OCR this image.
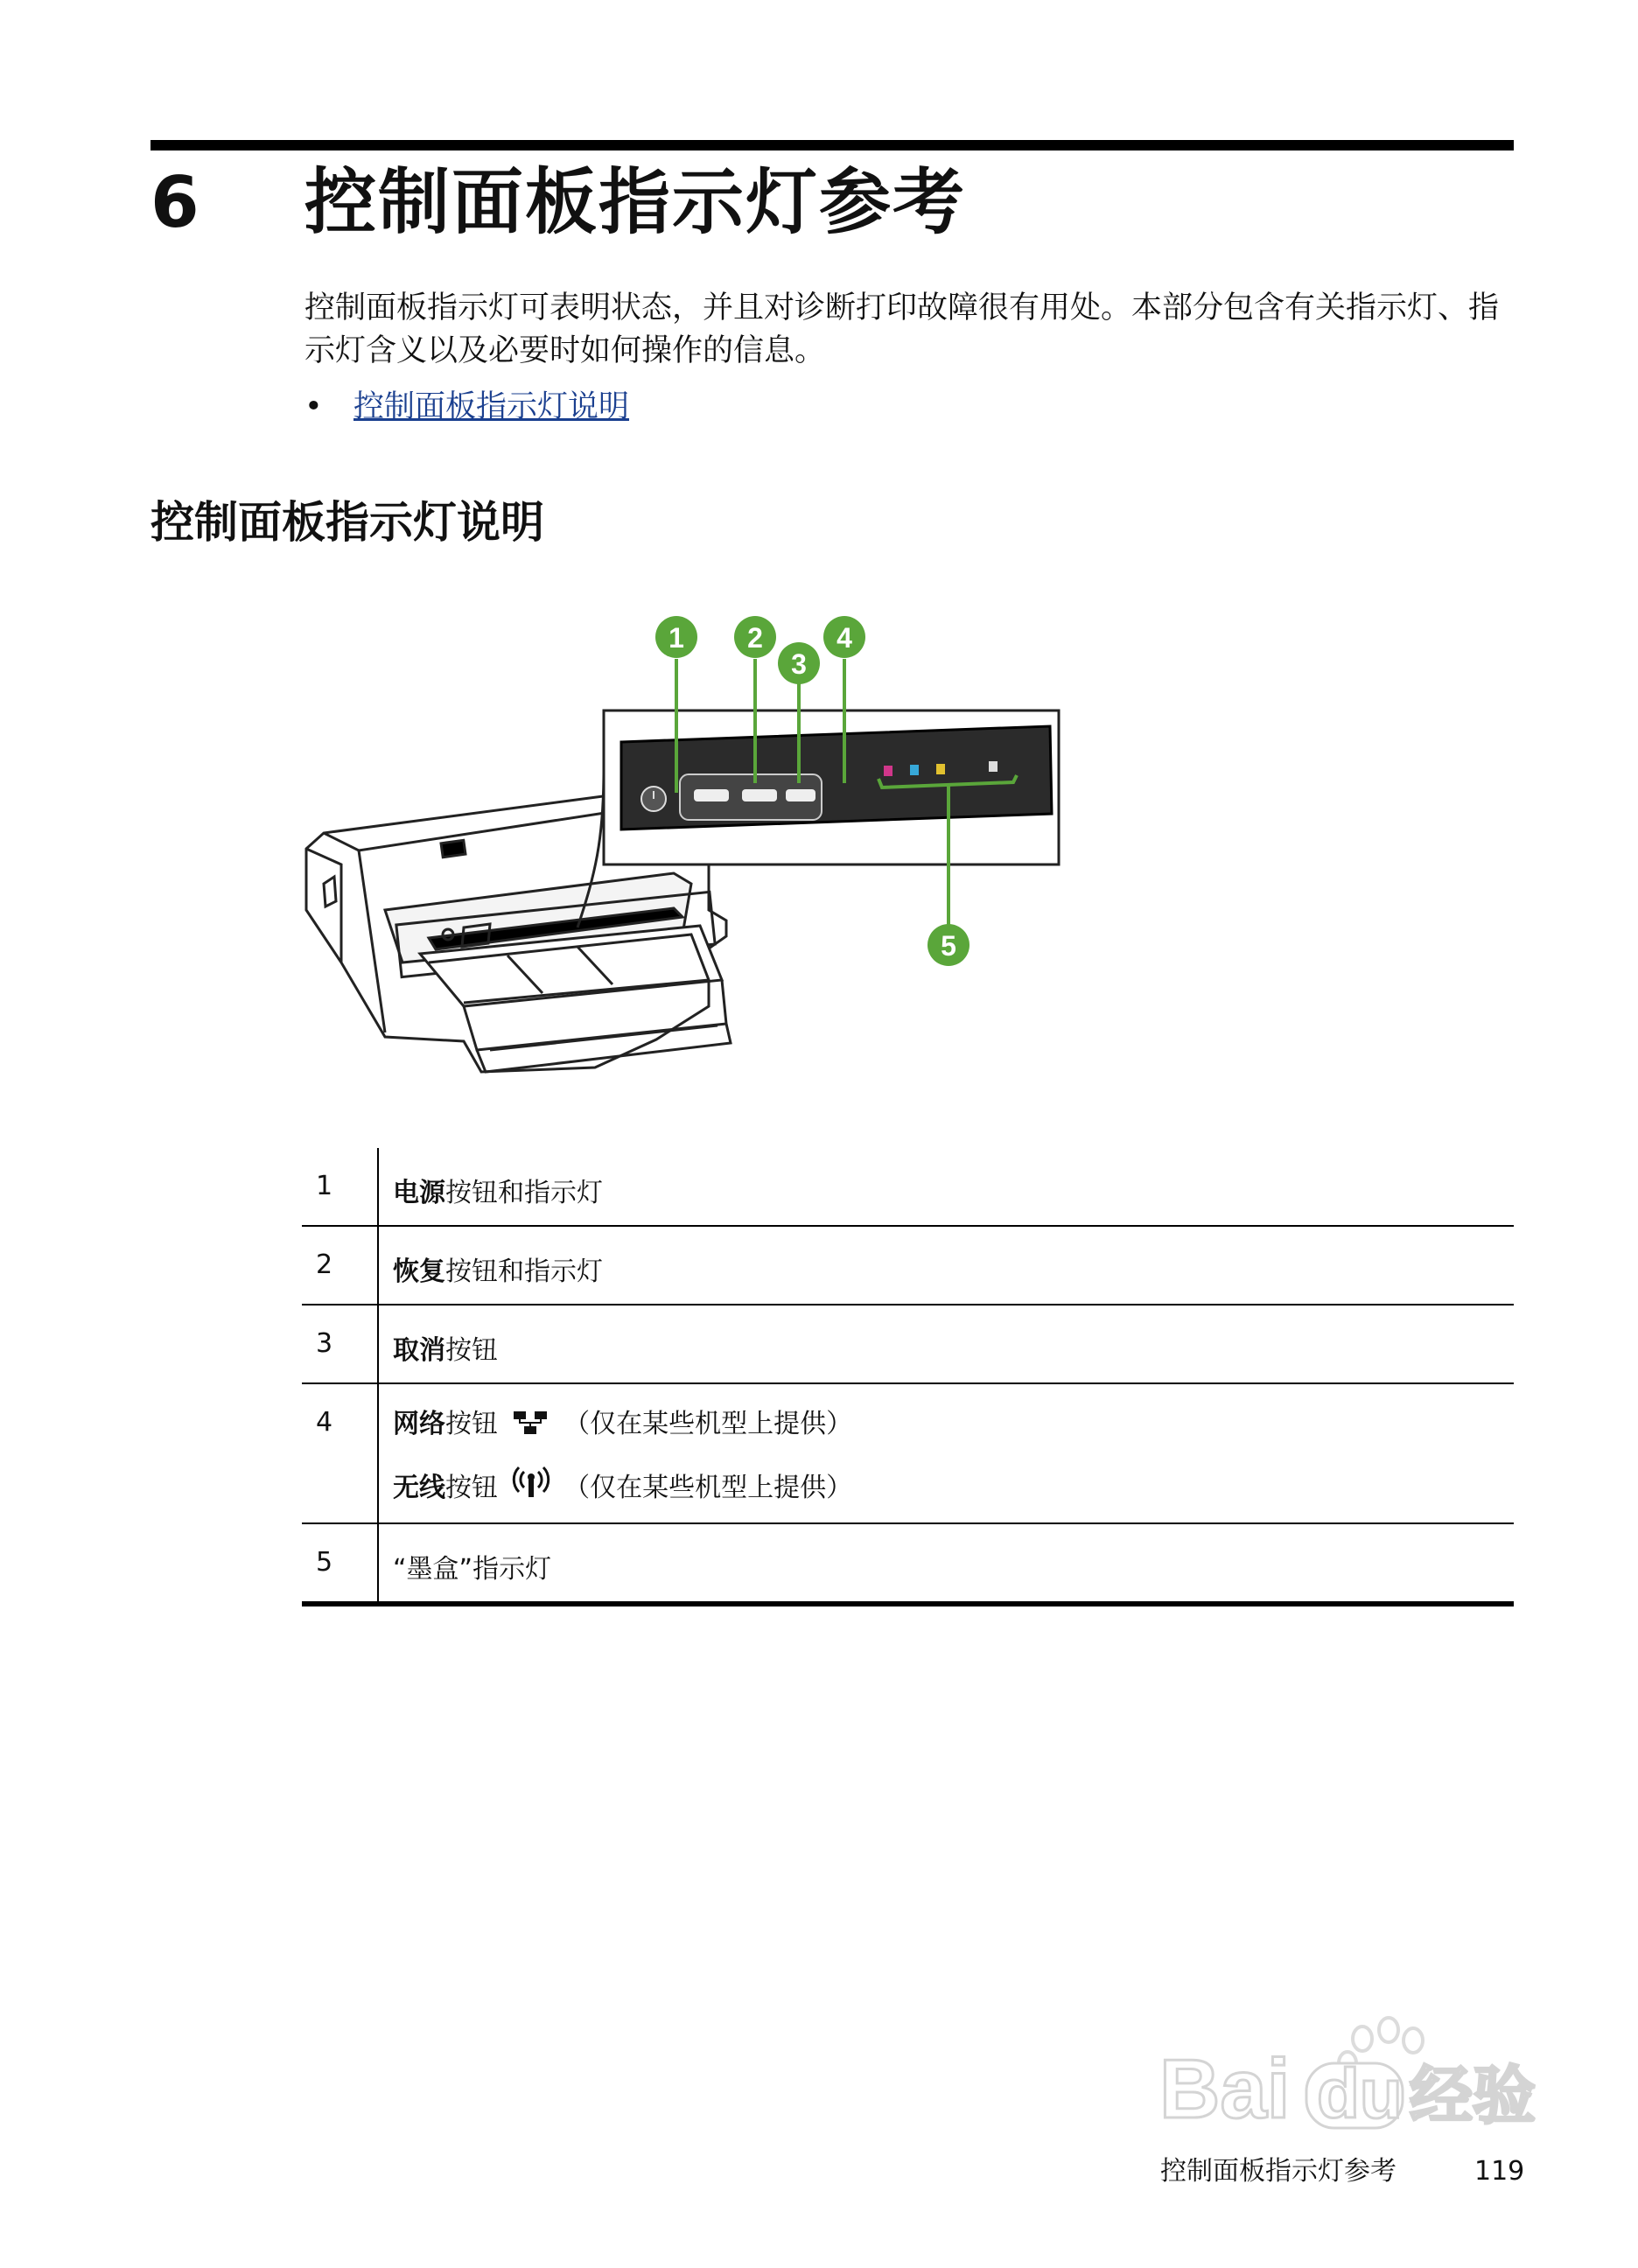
6 控制面板指示灯参考
控制面板指示灯可表明状态，并且对诊断打印故障很有用处。本部分包含有关指示灯、指示灯含义以及必要时如何操作的信息。
• 控制面板指示灯说明
控制面板指示灯说明
1 2
3
4
5
1	电源按钮和指示灯
2	恢复按钮和指示灯
3	取消按钮
4	网络按钮 （仅在某些机型上提供）
无线按钮 （仅在某些机型上提供）

5	“墨盒”指示灯
Bai du 经验
控制面板指示灯参考	119
